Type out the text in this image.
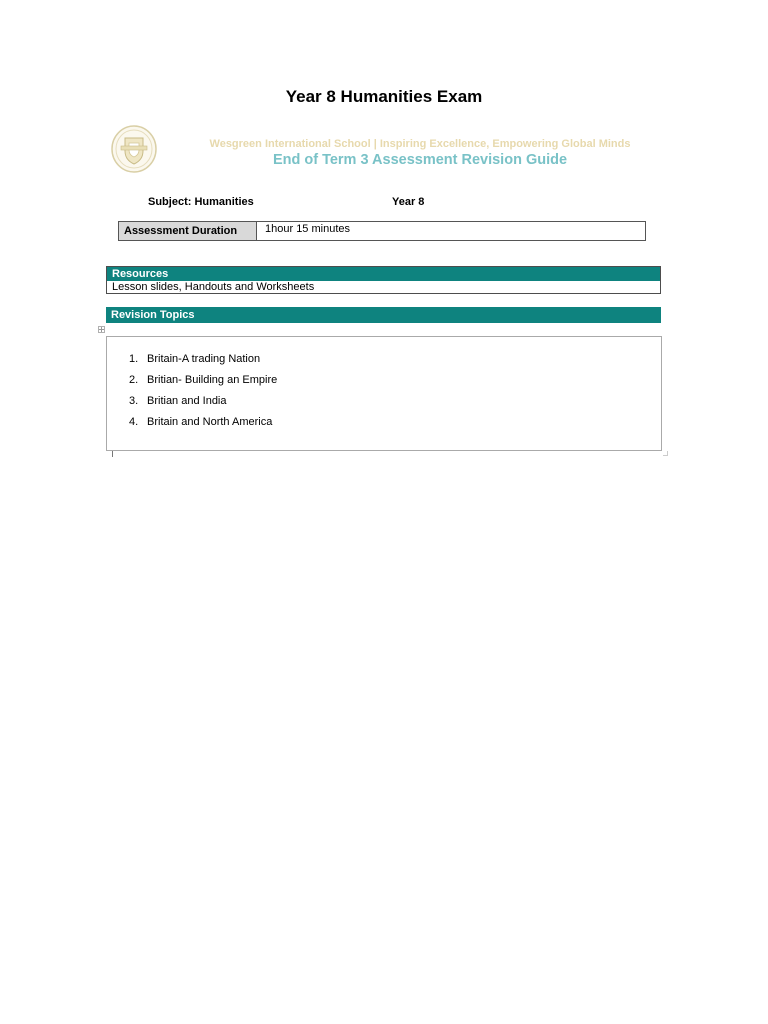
Year 8 Humanities Exam
Wesgreen International School | Inspiring Excellence, Empowering Global Minds
End of Term 3 Assessment Revision Guide
Subject: Humanities	Year 8
Assessment Duration	1hour 15 minutes
Resources
Lesson slides, Handouts and Worksheets
Revision Topics
1. Britain-A trading Nation
2. Britian- Building an Empire
3. Britian and India
4. Britain and North America
